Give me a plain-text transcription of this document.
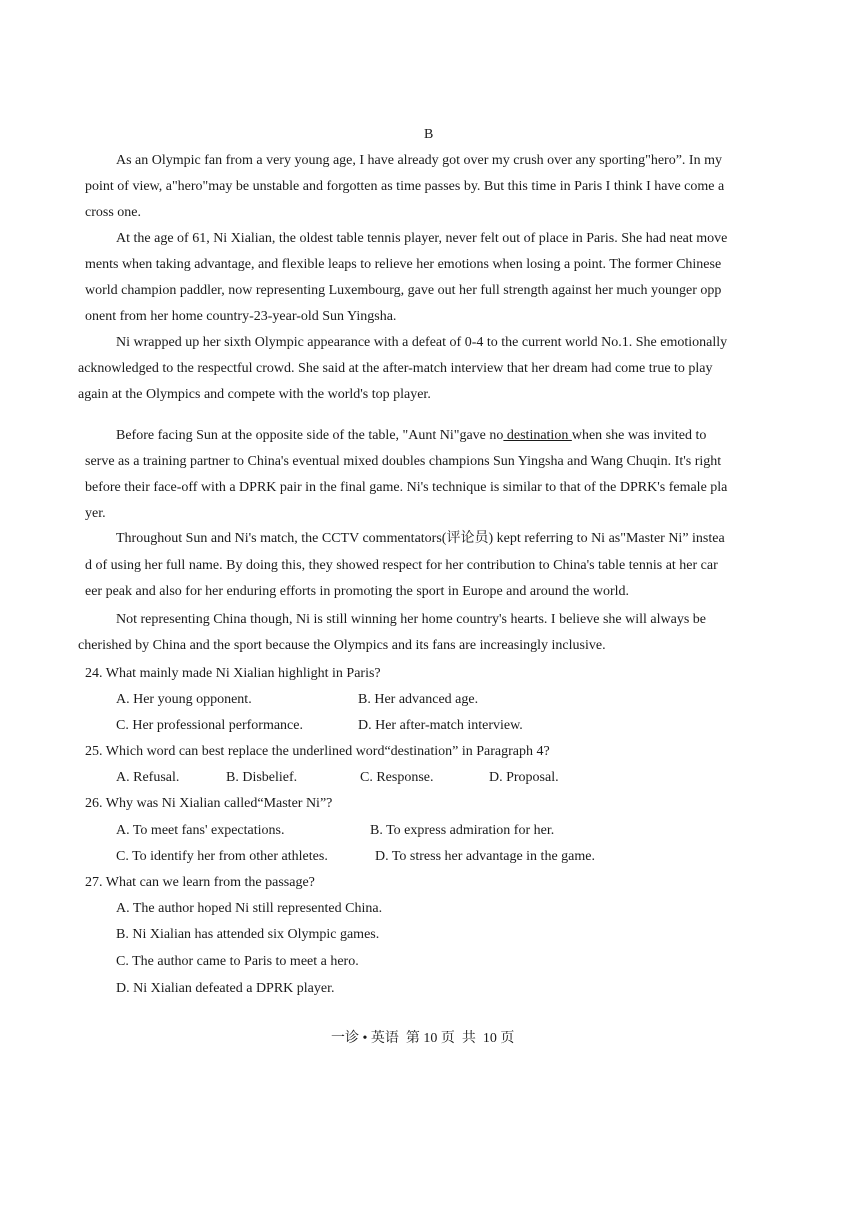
B
As an Olympic fan from a very young age, I have already got over my crush over any sporting"hero”. In my
point of view, a"hero"may be unstable and forgotten as time passes by. But this time in Paris I think I have come a
cross one.
At the age of 61, Ni Xialian, the oldest table tennis player, never felt out of place in Paris. She had neat move
ments when taking advantage, and flexible leaps to relieve her emotions when losing a point. The former Chinese
world champion paddler, now representing Luxembourg, gave out her full strength against her much younger opp
onent from her home country-23-year-old Sun Yingsha.
Ni wrapped up her sixth Olympic appearance with a defeat of 0-4 to the current world No.1. She emotionally
acknowledged to the respectful crowd. She said at the after-match interview that her dream had come true to play
again at the Olympics and compete with the world's top player.
Before facing Sun at the opposite side of the table, "Aunt Ni"gave no destination when she was invited to
serve as a training partner to China's eventual mixed doubles champions Sun Yingsha and Wang Chuqin. It's right
before their face-off with a DPRK pair in the final game. Ni's technique is similar to that of the DPRK's female pla
yer.
Throughout Sun and Ni's match, the CCTV commentators(评论员) kept referring to Ni as"Master Ni” instea
d of using her full name. By doing this, they showed respect for her contribution to China's table tennis at her car
eer peak and also for her enduring efforts in promoting the sport in Europe and around the world.
Not representing China though, Ni is still winning her home country's hearts. I believe she will always be
cherished by China and the sport because the Olympics and its fans are increasingly inclusive.
24. What mainly made Ni Xialian highlight in Paris?
A. Her young opponent.	B. Her advanced age.
C. Her professional performance.	D. Her after-match interview.
25. Which word can best replace the underlined word“destination” in Paragraph 4?
A. Refusal.	B. Disbelief.	C. Response.	D. Proposal.
26. Why was Ni Xialian called“Master Ni”?
A. To meet fans' expectations.	B. To express admiration for her.
C. To identify her from other athletes.	D. To stress her advantage in the game.
27. What can we learn from the passage?
A. The author hoped Ni still represented China.
B. Ni Xialian has attended six Olympic games.
C. The author came to Paris to meet a hero.
D. Ni Xialian defeated a DPRK player.
一诊 • 英语  第 10 页  共  10 页
